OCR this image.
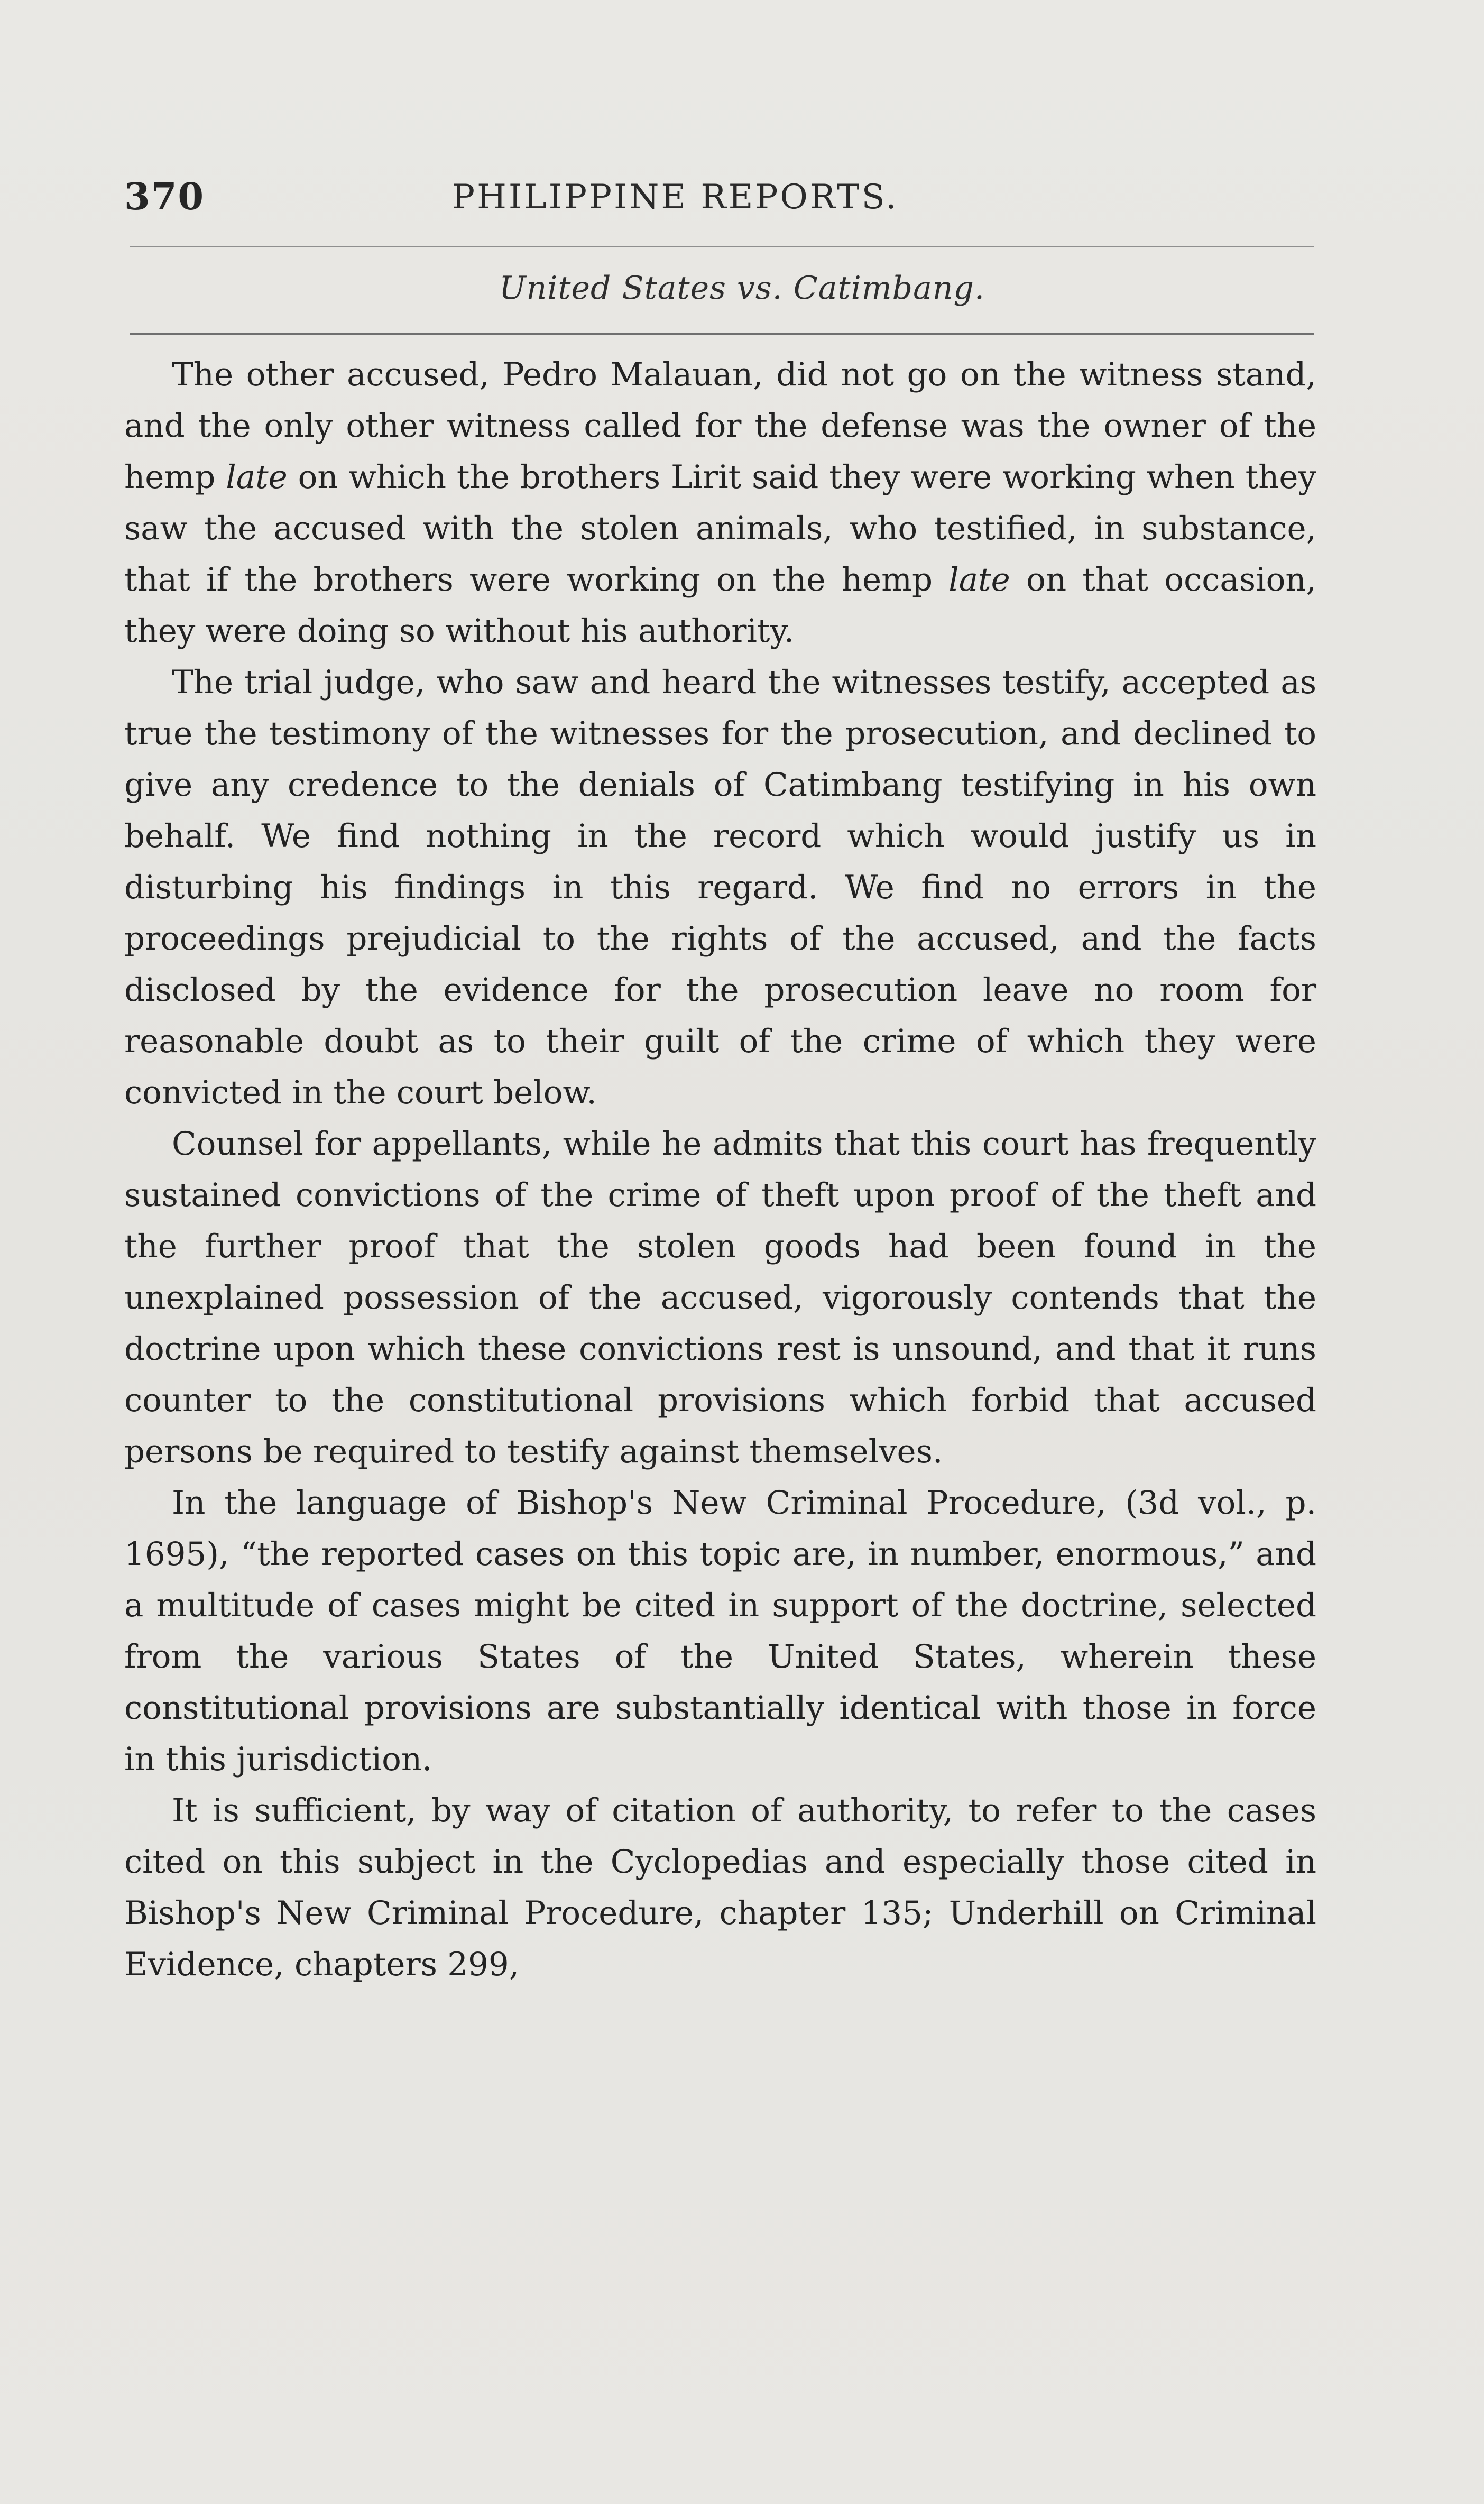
370	PHILIPPINE REPORTS.
United States vs. Catimbang.

The other accused, Pedro Malauan, did not go on the witness stand, and the only other witness called for the defense was the owner of the hemp late on which the brothers Lirit said they were working when they saw the accused with the stolen animals, who testified, in substance, that if the brothers were working on the hemp late on that occasion, they were doing so without his authority.

The trial judge, who saw and heard the witnesses testify, accepted as true the testimony of the witnesses for the prosecution, and declined to give any credence to the denials of Catimbang testifying in his own behalf. We find nothing in the record which would justify us in disturbing his findings in this regard. We find no errors in the proceedings prejudicial to the rights of the accused, and the facts disclosed by the evidence for the prosecution leave no room for reasonable doubt as to their guilt of the crime of which they were convicted in the court below.

Counsel for appellants, while he admits that this court has frequently sustained convictions of the crime of theft upon proof of the theft and the further proof that the stolen goods had been found in the unexplained possession of the accused, vigorously contends that the doctrine upon which these convictions rest is unsound, and that it runs counter to the constitutional provisions which forbid that accused persons be required to testify against themselves.

In the language of Bishop's New Criminal Procedure, (3d vol., p. 1695), “the reported cases on this topic are, in number, enormous,” and a multitude of cases might be cited in support of the doctrine, selected from the various States of the United States, wherein these constitutional provisions are substantially identical with those in force in this jurisdiction.

It is sufficient, by way of citation of authority, to refer to the cases cited on this subject in the Cyclopedias and especially those cited in Bishop's New Criminal Procedure, chapter 135; Underhill on Criminal Evidence, chapters 299,
